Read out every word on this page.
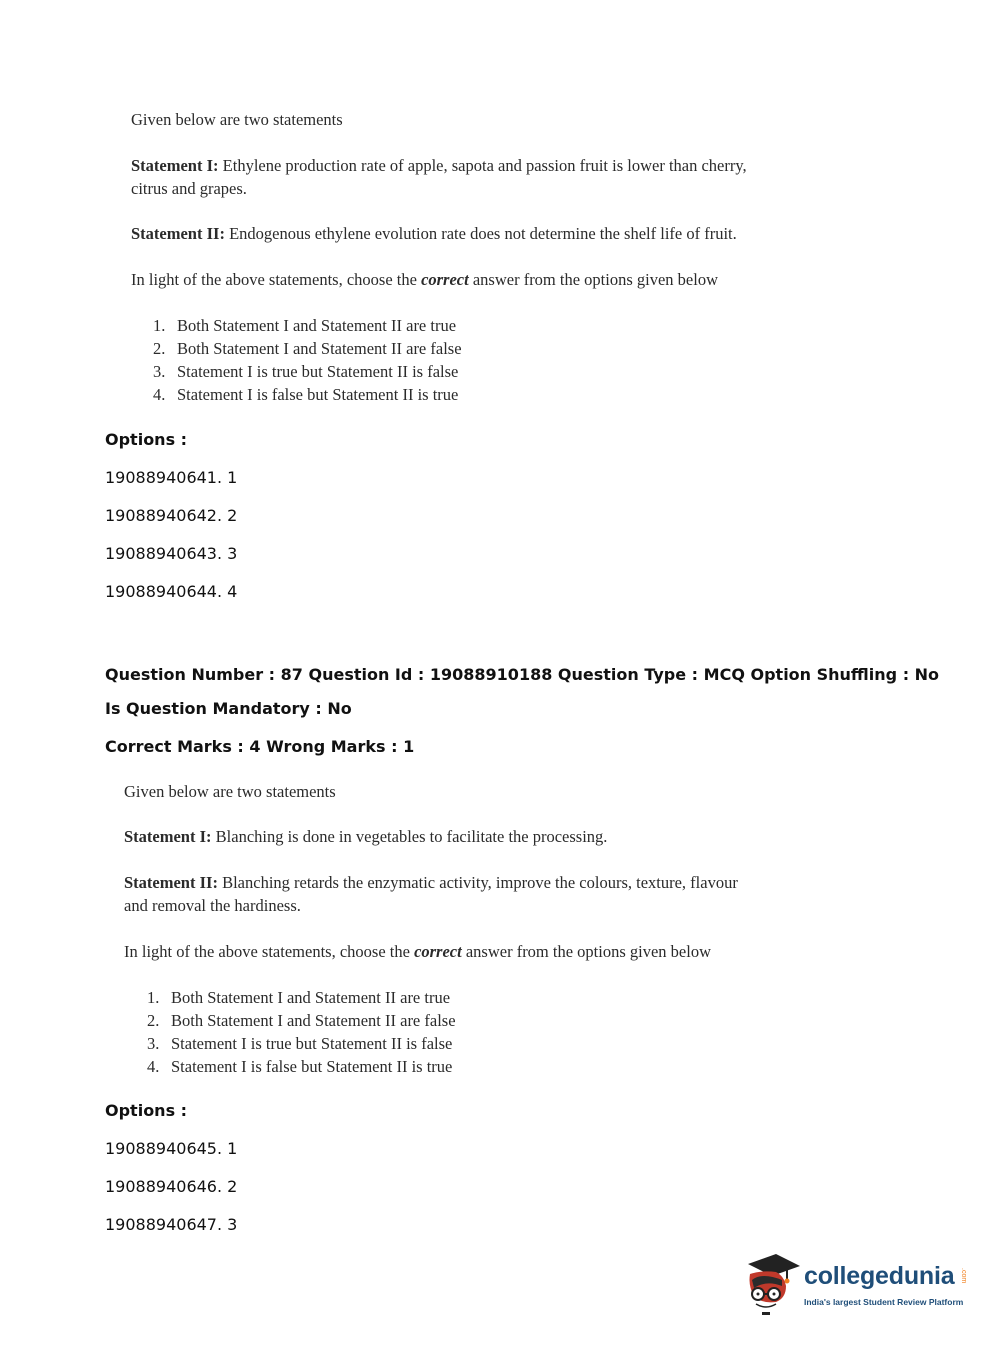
Given below are two statements
Statement I: Ethylene production rate of apple, sapota and passion fruit is lower than cherry,
citrus and grapes.
Statement II: Endogenous ethylene evolution rate does not determine the shelf life of fruit.
In light of the above statements, choose the correct answer from the options given below
1. Both Statement I and Statement II are true
2. Both Statement I and Statement II are false
3. Statement I is true but Statement II is false
4. Statement I is false but Statement II is true
Options :
19088940641. 1
19088940642. 2
19088940643. 3
19088940644. 4
Question Number : 87 Question Id : 19088910188 Question Type : MCQ Option Shuffling : No
Is Question Mandatory : No
Correct Marks : 4 Wrong Marks : 1
Given below are two statements
Statement I: Blanching is done in vegetables to facilitate the processing.
Statement II: Blanching retards the enzymatic activity, improve the colours, texture, flavour
and removal the hardiness.
In light of the above statements, choose the correct answer from the options given below
1. Both Statement I and Statement II are true
2. Both Statement I and Statement II are false
3. Statement I is true but Statement II is false
4. Statement I is false but Statement II is true
Options :
19088940645. 1
19088940646. 2
19088940647. 3
collegedunia .com
India's largest Student Review Platform
